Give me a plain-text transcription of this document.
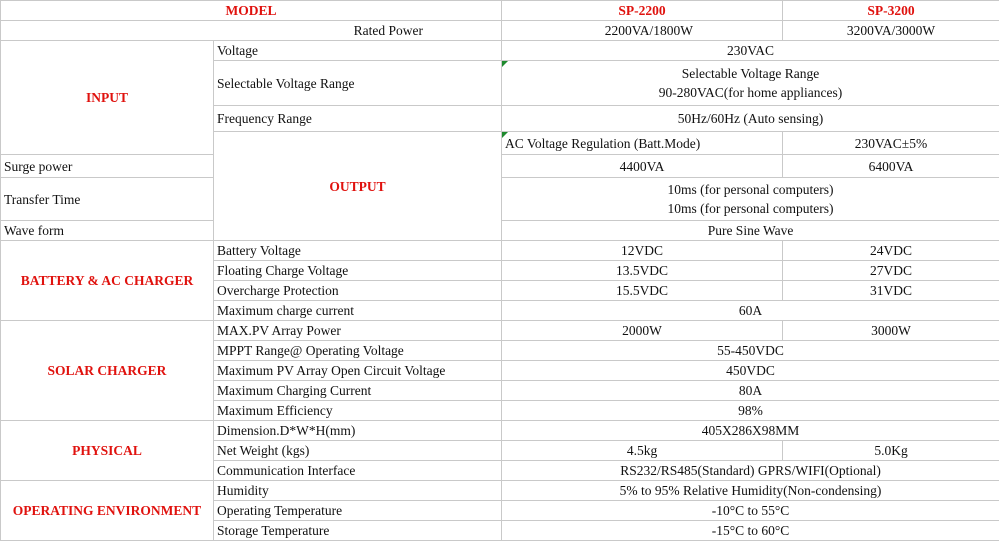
MODEL		SP-2200	SP-3200
Rated Power		2200VA/1800W	3200VA/3000W
INPUT	Voltage	230VAC	
	Selectable Voltage Range	Selectable Voltage Range
90-280VAC(for home appliances)	

	Frequency Range	50Hz/60Hz (Auto sensing)	
	OUTPUT	AC Voltage Regulation (Batt.Mode)	230VAC±5%
Surge power		4400VA	6400VA
Transfer Time		10ms (for personal computers)
10ms (for personal computers)	

Wave form		Pure Sine Wave	
BATTERY & AC CHARGER	Battery Voltage	12VDC	24VDC
	Floating Charge Voltage	13.5VDC	27VDC
	Overcharge Protection	15.5VDC	31VDC
	Maximum charge current	60A	
SOLAR CHARGER	MAX.PV Array Power	2000W	3000W
	MPPT Range@ Operating Voltage	55-450VDC	
	Maximum PV Array Open Circuit Voltage	450VDC	
	Maximum Charging Current	80A	
	Maximum Efficiency	98%	
PHYSICAL	Dimension.D*W*H(mm)	405X286X98MM	
	Net Weight (kgs)	4.5kg	5.0Kg
	Communication Interface	RS232/RS485(Standard) GPRS/WIFI(Optional)	
OPERATING ENVIRONMENT	Humidity	5% to 95% Relative Humidity(Non-condensing)	
	Operating Temperature	-10°C to 55°C	
	Storage Temperature	-15°C to 60°C	
